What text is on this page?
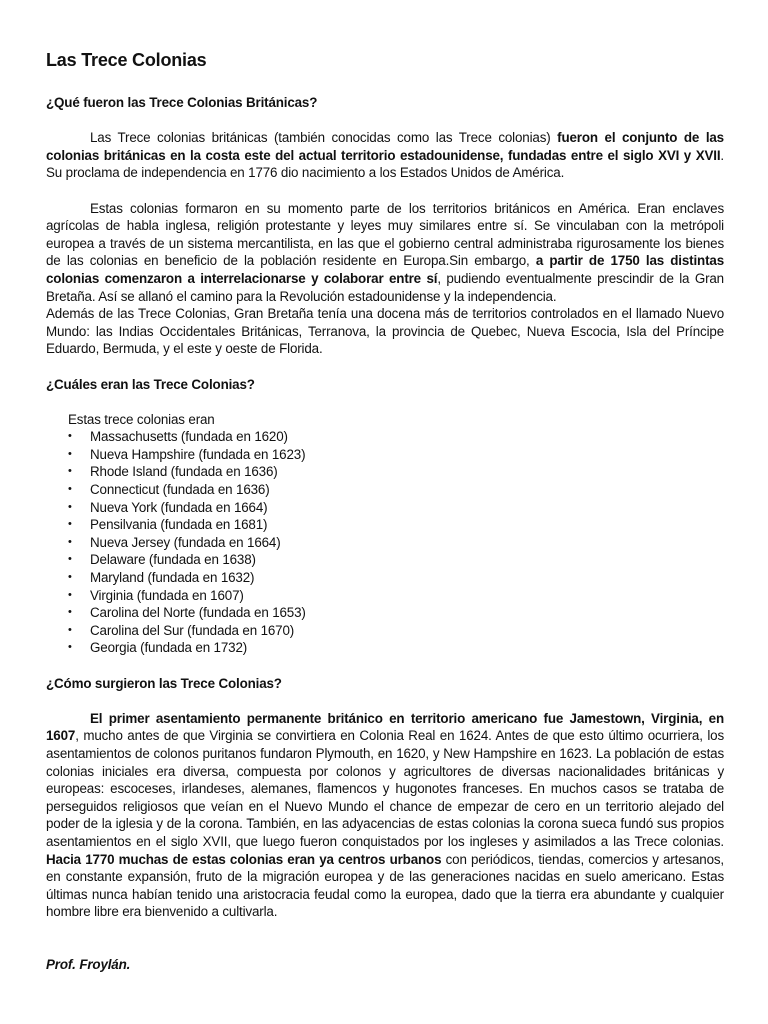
Las Trece Colonias
¿Qué fueron las Trece Colonias Británicas?

Las Trece colonias británicas (también conocidas como las Trece colonias) fueron el conjunto de las colonias británicas en la costa este del actual territorio estadounidense, fundadas entre el siglo XVI y XVII. Su proclama de independencia en 1776 dio nacimiento a los Estados Unidos de América.

Estas colonias formaron en su momento parte de los territorios británicos en América. Eran enclaves agrícolas de habla inglesa, religión protestante y leyes muy similares entre sí. Se vinculaban con la metrópoli europea a través de un sistema mercantilista, en las que el gobierno central administraba rigurosamente los bienes de las colonias en beneficio de la población residente en Europa.Sin embargo, a partir de 1750 las distintas colonias comenzaron a interrelacionarse y colaborar entre sí, pudiendo eventualmente prescindir de la Gran Bretaña. Así se allanó el camino para la Revolución estadounidense y la independencia.

Además de las Trece Colonias, Gran Bretaña tenía una docena más de territorios controlados en el llamado Nuevo Mundo: las Indias Occidentales Británicas, Terranova, la provincia de Quebec, Nueva Escocia, Isla del Príncipe Eduardo, Bermuda, y el este y oeste de Florida.

¿Cuáles eran las Trece Colonias?
Estas trece colonias eran
• Massachusetts (fundada en 1620)
• Nueva Hampshire (fundada en 1623)
• Rhode Island (fundada en 1636)
• Connecticut (fundada en 1636)
• Nueva York (fundada en 1664)
• Pensilvania (fundada en 1681)
• Nueva Jersey (fundada en 1664)
• Delaware (fundada en 1638)
• Maryland (fundada en 1632)
• Virginia (fundada en 1607)
• Carolina del Norte (fundada en 1653)
• Carolina del Sur (fundada en 1670)
• Georgia (fundada en 1732)
¿Cómo surgieron las Trece Colonias?

El primer asentamiento permanente británico en territorio americano fue Jamestown, Virginia, en 1607, mucho antes de que Virginia se convirtiera en Colonia Real en 1624. Antes de que esto último ocurriera, los asentamientos de colonos puritanos fundaron Plymouth, en 1620, y New Hampshire en 1623. La población de estas colonias iniciales era diversa, compuesta por colonos y agricultores de diversas nacionalidades británicas y europeas: escoceses, irlandeses, alemanes, flamencos y hugonotes franceses. En muchos casos se trataba de perseguidos religiosos que veían en el Nuevo Mundo el chance de empezar de cero en un territorio alejado del poder de la iglesia y de la corona. También, en las adyacencias de estas colonias la corona sueca fundó sus propios asentamientos en el siglo XVII, que luego fueron conquistados por los ingleses y asimilados a las Trece colonias. Hacia 1770 muchas de estas colonias eran ya centros urbanos con periódicos, tiendas, comercios y artesanos, en constante expansión, fruto de la migración europea y de las generaciones nacidas en suelo americano. Estas últimas nunca habían tenido una aristocracia feudal como la europea, dado que la tierra era abundante y cualquier hombre libre era bienvenido a cultivarla.

Prof. Froylán.
